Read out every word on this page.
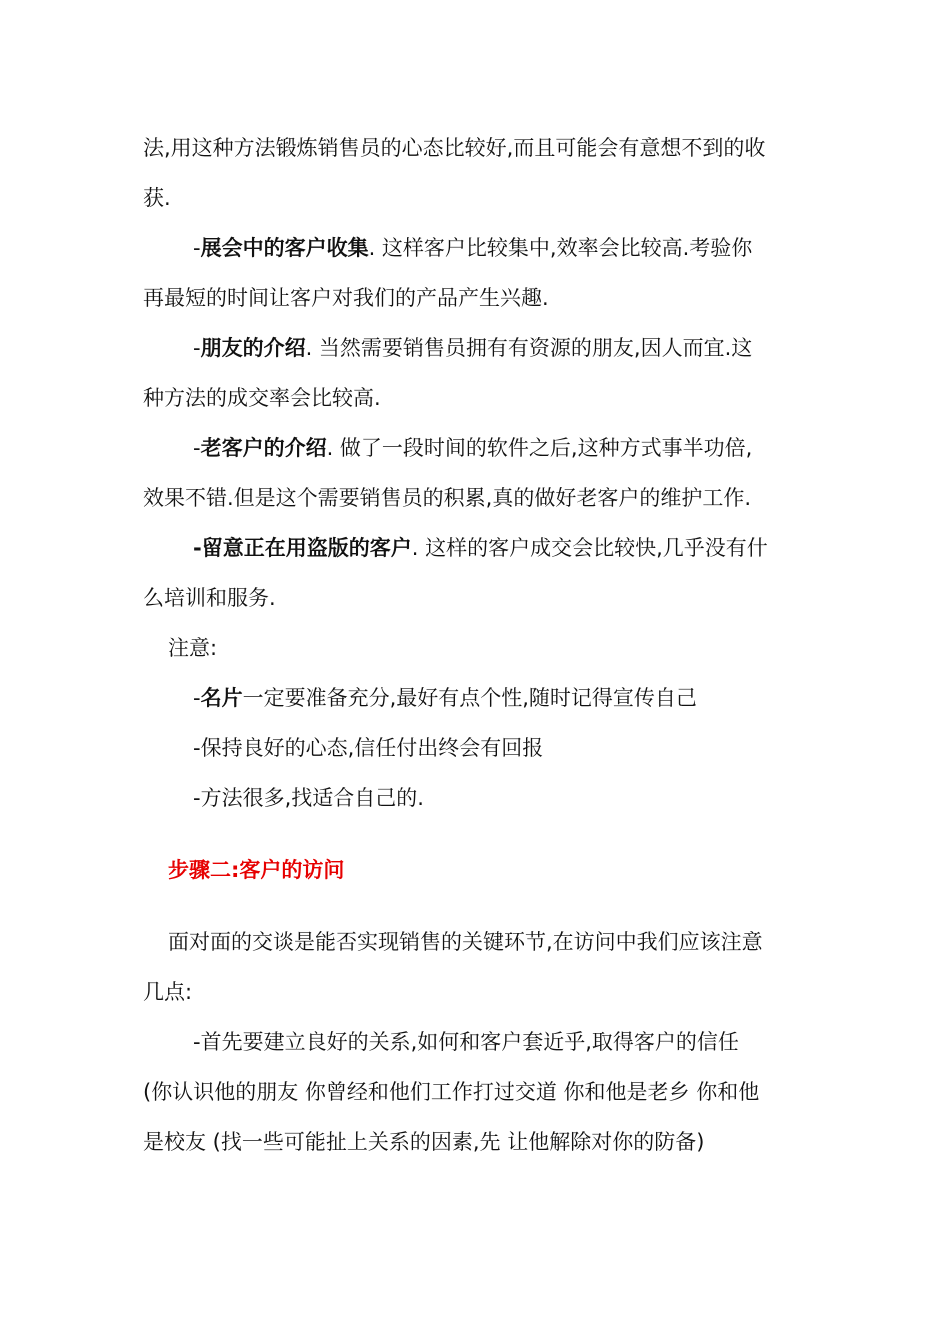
法,用这种方法锻炼销售员的心态比较好,而且可能会有意想不到的收
获.
-展会中的客户收集. 这样客户比较集中,效率会比较高.考验你
再最短的时间让客户对我们的产品产生兴趣.
-朋友的介绍. 当然需要销售员拥有有资源的朋友,因人而宜.这
种方法的成交率会比较高.
-老客户的介绍. 做了一段时间的软件之后,这种方式事半功倍,
效果不错.但是这个需要销售员的积累,真的做好老客户的维护工作.
-留意正在用盗版的客户. 这样的客户成交会比较快,几乎没有什
么培训和服务.
注意:
-名片一定要准备充分,最好有点个性,随时记得宣传自己
-保持良好的心态,信任付出终会有回报
-方法很多,找适合自己的.
步骤二:客户的访问
面对面的交谈是能否实现销售的关键环节,在访问中我们应该注意
几点:
-首先要建立良好的关系,如何和客户套近乎,取得客户的信任
(你认识他的朋友 你曾经和他们工作打过交道 你和他是老乡 你和他
是校友 (找一些可能扯上关系的因素,先 让他解除对你的防备)
